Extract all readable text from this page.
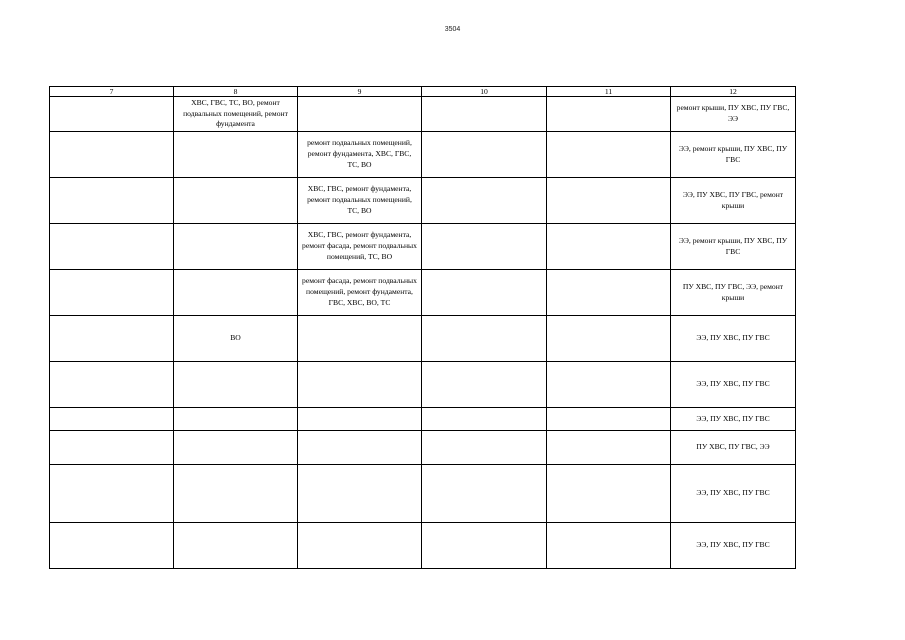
3504
7	8	9	10	11	12
	ХВС, ГВС, ТС, ВО, ремонт подвальных помещений, ремонт фундамента				ремонт крыши, ПУ ХВС, ПУ ГВС, ЭЭ
		ремонт подвальных помещений, ремонт фундамента, ХВС, ГВС, ТС, ВО			ЭЭ, ремонт крыши, ПУ ХВС, ПУ ГВС
		ХВС, ГВС, ремонт фундамента, ремонт подвальных помещений, ТС, ВО			ЭЭ, ПУ ХВС, ПУ ГВС, ремонт крыши
		ХВС, ГВС, ремонт фундамента, ремонт фасада, ремонт подвальных помещений, ТС, ВО			ЭЭ, ремонт крыши, ПУ ХВС, ПУ ГВС
		ремонт фасада, ремонт подвальных помещений, ремонт фундамента, ГВС, ХВС, ВО, ТС			ПУ ХВС, ПУ ГВС, ЭЭ, ремонт крыши
	ВО				ЭЭ, ПУ ХВС, ПУ ГВС
					ЭЭ, ПУ ХВС, ПУ ГВС
					ЭЭ, ПУ ХВС, ПУ ГВС
					ПУ ХВС, ПУ ГВС, ЭЭ
					ЭЭ, ПУ ХВС, ПУ ГВС
					ЭЭ, ПУ ХВС, ПУ ГВС
